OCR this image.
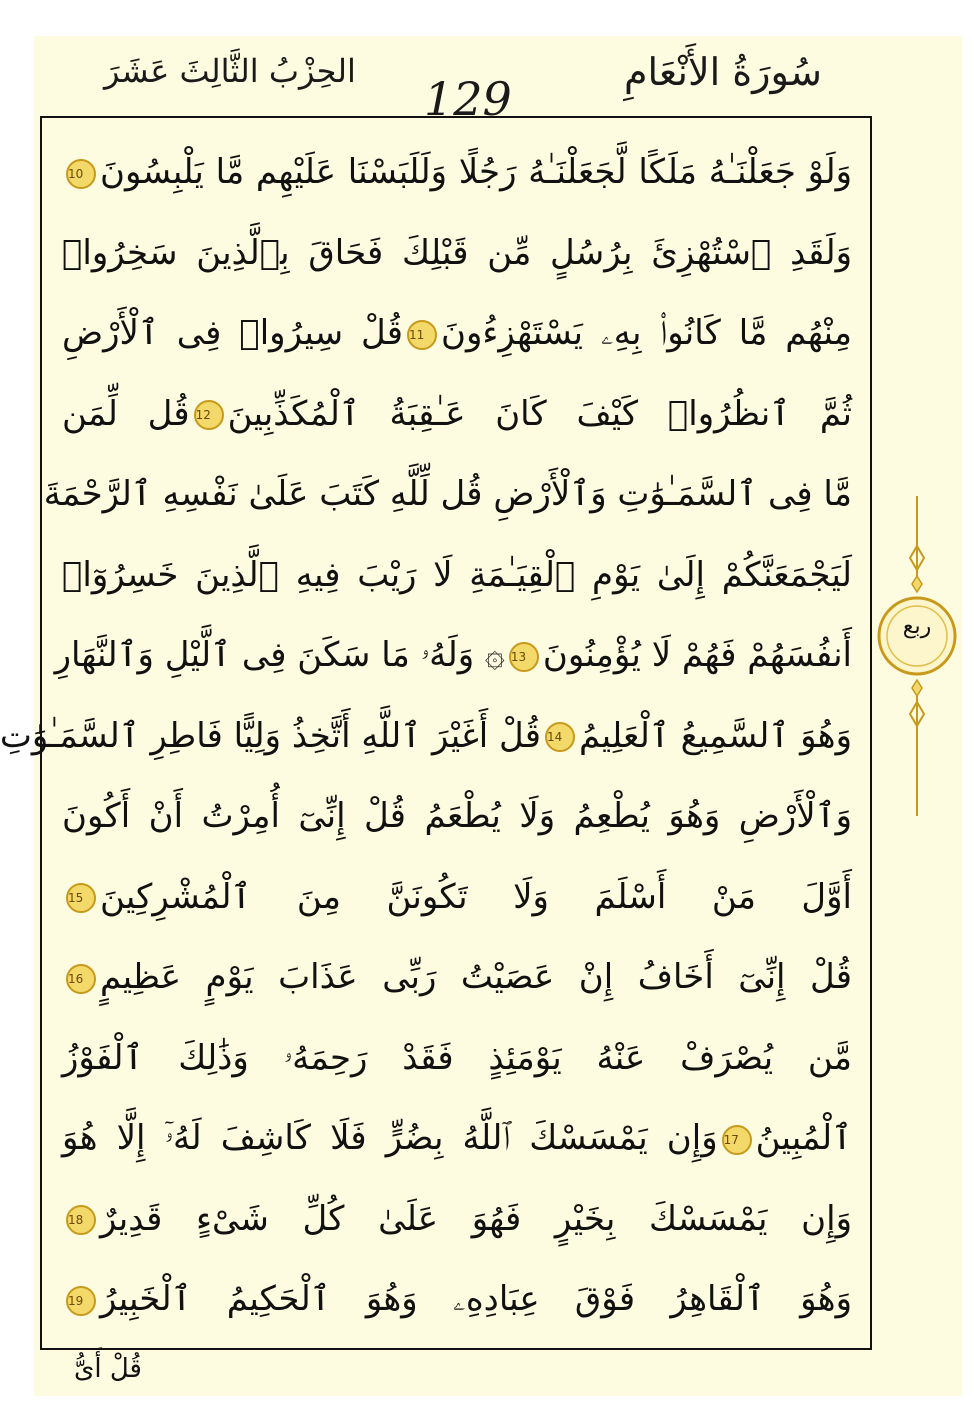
سُورَةُ الأَنْعَامِ
129
الحِزْبُ الثَّالِثَ عَشَرَ
وَلَوْ جَعَلْنَـٰهُ مَلَكًا لَّجَعَلْنَـٰهُ رَجُلًا وَلَلَبَسْنَا عَلَيْهِم مَّا يَلْبِسُونَ10
وَلَقَدِ ٱسْتُهْزِئَ بِرُسُلٍ مِّن قَبْلِكَ فَحَاقَ بِٱلَّذِينَ سَخِرُوا۟
مِنْهُم مَّا كَانُوا۟ بِهِۦ يَسْتَهْزِءُونَ11قُلْ سِيرُوا۟ فِى ٱلْأَرْضِ
ثُمَّ ٱنظُرُوا۟ كَيْفَ كَانَ عَـٰقِبَةُ ٱلْمُكَذِّبِينَ12قُل لِّمَن
مَّا فِى ٱلسَّمَـٰوَٰتِ وَٱلْأَرْضِ قُل لِّلَّهِ كَتَبَ عَلَىٰ نَفْسِهِ ٱلرَّحْمَةَ
لَيَجْمَعَنَّكُمْ إِلَىٰ يَوْمِ ٱلْقِيَـٰمَةِ لَا رَيْبَ فِيهِ ٱلَّذِينَ خَسِرُوٓا۟
أَنفُسَهُمْ فَهُمْ لَا يُؤْمِنُونَ13۞ وَلَهُۥ مَا سَكَنَ فِى ٱلَّيْلِ وَٱلنَّهَارِ
وَهُوَ ٱلسَّمِيعُ ٱلْعَلِيمُ14قُلْ أَغَيْرَ ٱللَّهِ أَتَّخِذُ وَلِيًّا فَاطِرِ ٱلسَّمَـٰوَٰتِ
وَٱلْأَرْضِ وَهُوَ يُطْعِمُ وَلَا يُطْعَمُ قُلْ إِنِّىٓ أُمِرْتُ أَنْ أَكُونَ
أَوَّلَ مَنْ أَسْلَمَ وَلَا تَكُونَنَّ مِنَ ٱلْمُشْرِكِينَ15
قُلْ إِنِّىٓ أَخَافُ إِنْ عَصَيْتُ رَبِّى عَذَابَ يَوْمٍ عَظِيمٍ16
مَّن يُصْرَفْ عَنْهُ يَوْمَئِذٍ فَقَدْ رَحِمَهُۥ وَذَٰلِكَ ٱلْفَوْزُ
ٱلْمُبِينُ17وَإِن يَمْسَسْكَ ٱللَّهُ بِضُرٍّ فَلَا كَاشِفَ لَهُۥٓ إِلَّا هُوَ
وَإِن يَمْسَسْكَ بِخَيْرٍ فَهُوَ عَلَىٰ كُلِّ شَىْءٍ قَدِيرٌ18
وَهُوَ ٱلْقَاهِرُ فَوْقَ عِبَادِهِۦ وَهُوَ ٱلْحَكِيمُ ٱلْخَبِيرُ19
ربع
قُلْ أَىُّ
